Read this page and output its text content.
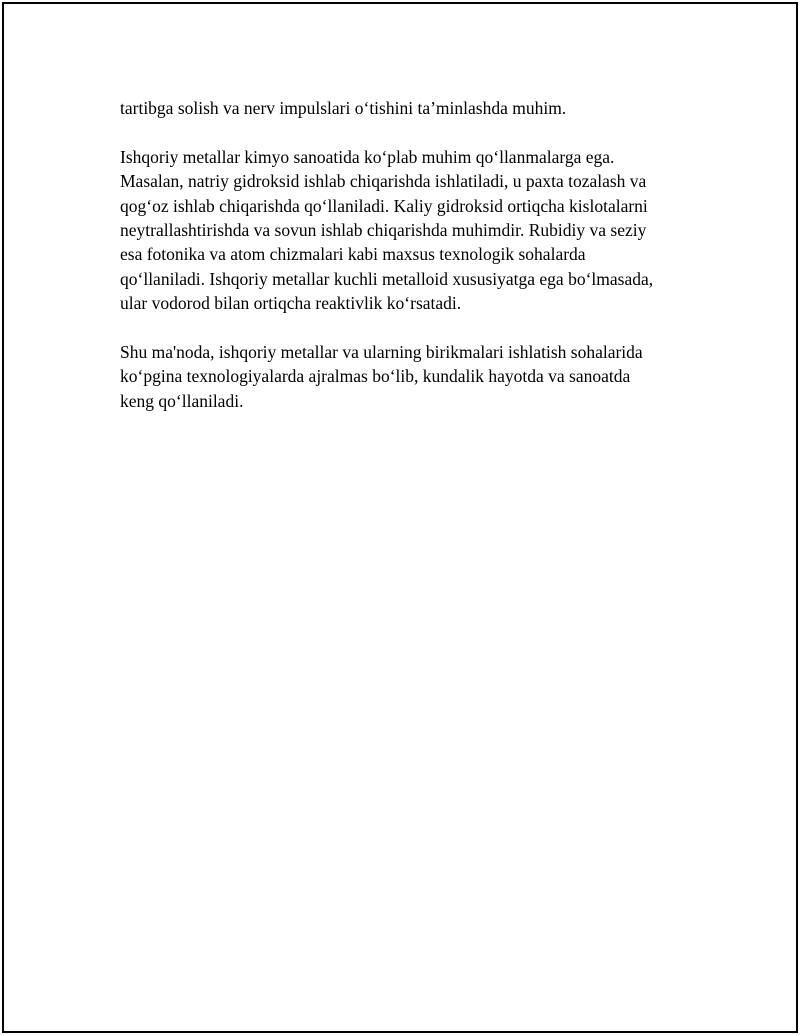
tartibga solish va nerv impulslari o‘tishini ta’minlashda muhim.

Ishqoriy metallar kimyo sanoatida ko‘plab muhim qo‘llanmalarga ega.
Masalan, natriy gidroksid ishlab chiqarishda ishlatiladi, u paxta tozalash va
qog‘oz ishlab chiqarishda qo‘llaniladi. Kaliy gidroksid ortiqcha kislotalarni
neytrallashtirishda va sovun ishlab chiqarishda muhimdir. Rubidiy va seziy
esa fotonika va atom chizmalari kabi maxsus texnologik sohalarda
qo‘llaniladi. Ishqoriy metallar kuchli metalloid xususiyatga ega bo‘lmasada,
ular vodorod bilan ortiqcha reaktivlik ko‘rsatadi.

Shu ma'noda, ishqoriy metallar va ularning birikmalari ishlatish sohalarida
ko‘pgina texnologiyalarda ajralmas bo‘lib, kundalik hayotda va sanoatda
keng qo‘llaniladi.
